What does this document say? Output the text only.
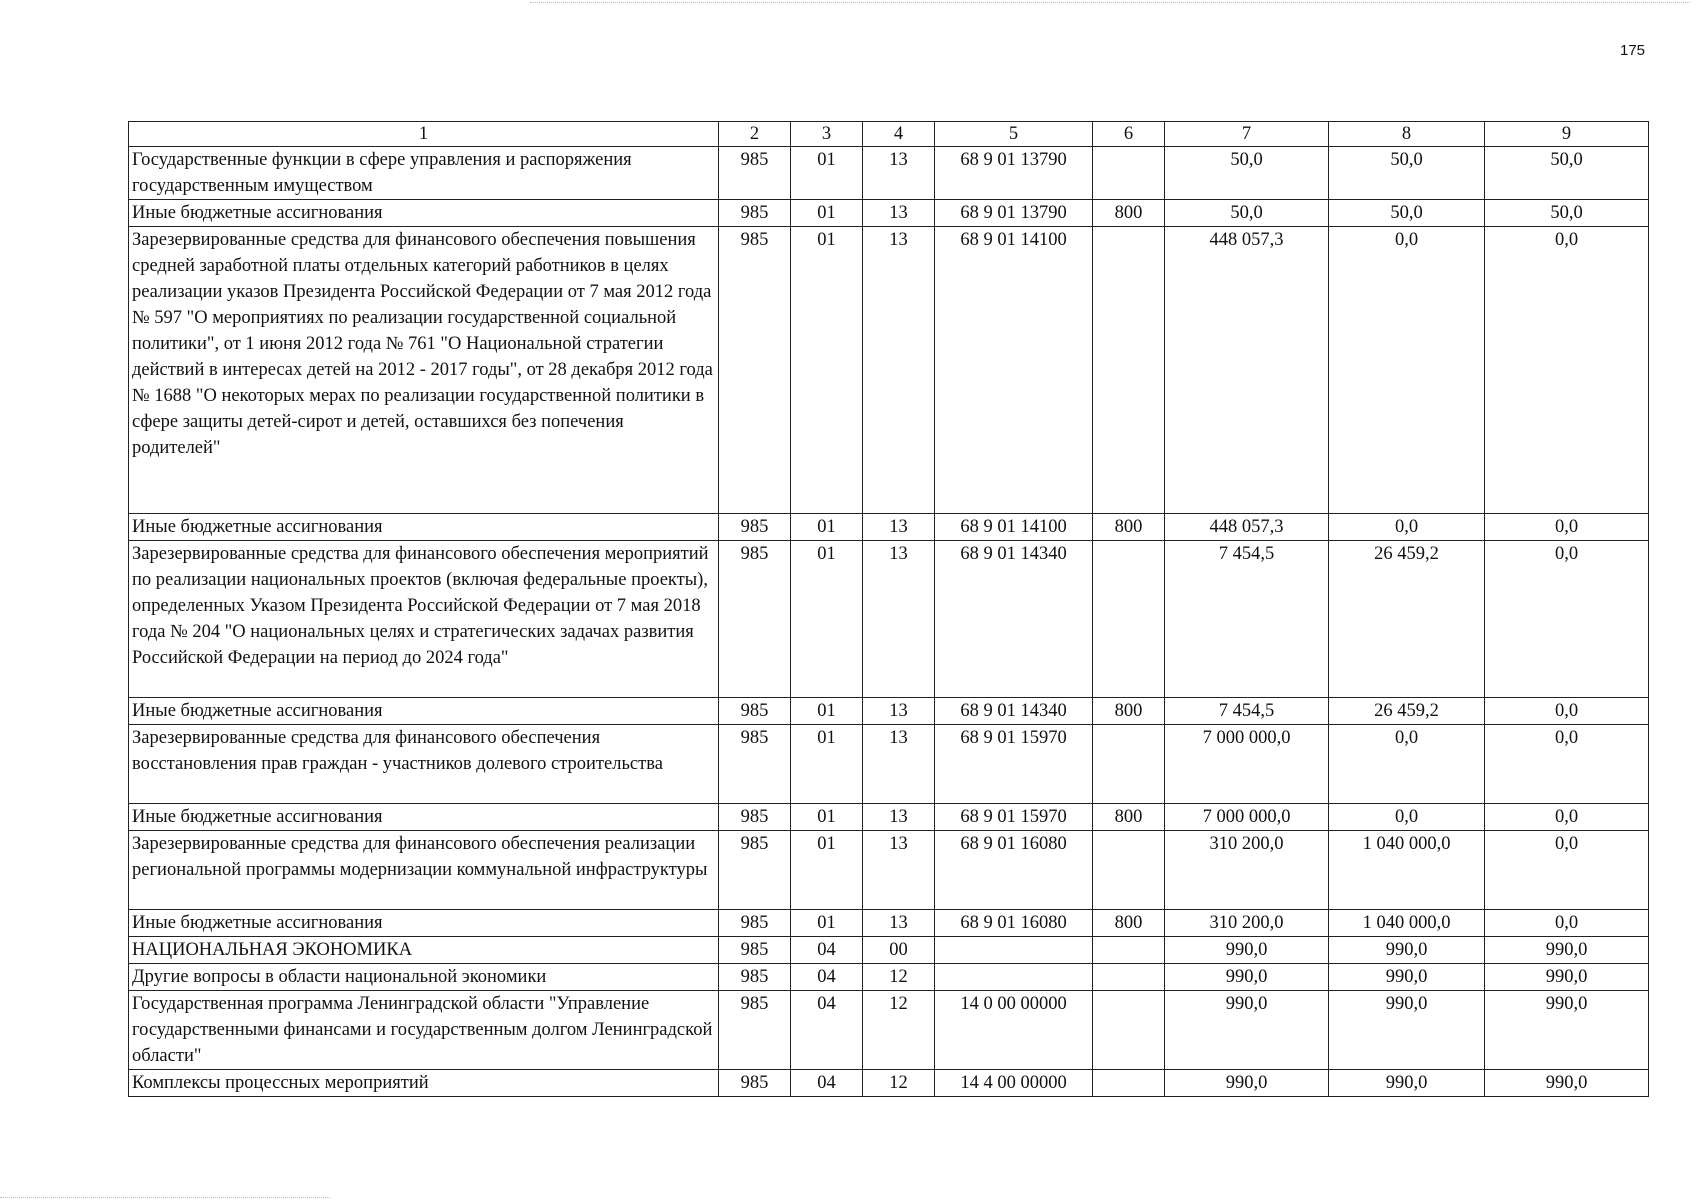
175
1	2	3	4	5	6	7	8	9
Государственные функции в сфере управления и распоряжения государственным имуществом	985	01	13	68 9 01 13790		50,0	50,0	50,0
Иные бюджетные ассигнования	985	01	13	68 9 01 13790	800	50,0	50,0	50,0
Зарезервированные средства для финансового обеспечения повышения средней заработной платы отдельных категорий работников в целях реализации указов Президента Российской Федерации от 7 мая 2012 года № 597 "О мероприятиях по реализации государственной социальной политики", от 1 июня 2012 года № 761 "О Национальной стратегии действий в интересах детей на 2012 - 2017 годы", от 28 декабря 2012 года № 1688 "О некоторых мерах по реализации государственной политики в сфере защиты детей-сирот и детей, оставшихся без попечения родителей"	985	01	13	68 9 01 14100		448 057,3	0,0	0,0
Иные бюджетные ассигнования	985	01	13	68 9 01 14100	800	448 057,3	0,0	0,0
Зарезервированные средства для финансового обеспечения мероприятий по реализации национальных проектов (включая федеральные проекты), определенных Указом Президента Российской Федерации от 7 мая 2018 года № 204 "О национальных целях и стратегических задачах развития Российской Федерации на период до 2024 года"	985	01	13	68 9 01 14340		7 454,5	26 459,2	0,0
Иные бюджетные ассигнования	985	01	13	68 9 01 14340	800	7 454,5	26 459,2	0,0
Зарезервированные средства для финансового обеспечения восстановления прав граждан - участников долевого строительства	985	01	13	68 9 01 15970		7 000 000,0	0,0	0,0
Иные бюджетные ассигнования	985	01	13	68 9 01 15970	800	7 000 000,0	0,0	0,0
Зарезервированные средства для финансового обеспечения реализации региональной программы модернизации коммунальной инфраструктуры	985	01	13	68 9 01 16080		310 200,0	1 040 000,0	0,0
Иные бюджетные ассигнования	985	01	13	68 9 01 16080	800	310 200,0	1 040 000,0	0,0
НАЦИОНАЛЬНАЯ ЭКОНОМИКА	985	04	00			990,0	990,0	990,0
Другие вопросы в области национальной экономики	985	04	12			990,0	990,0	990,0
Государственная программа Ленинградской области "Управление государственными финансами и государственным долгом Ленинградской области"	985	04	12	14 0 00 00000		990,0	990,0	990,0
Комплексы процессных мероприятий	985	04	12	14 4 00 00000		990,0	990,0	990,0
